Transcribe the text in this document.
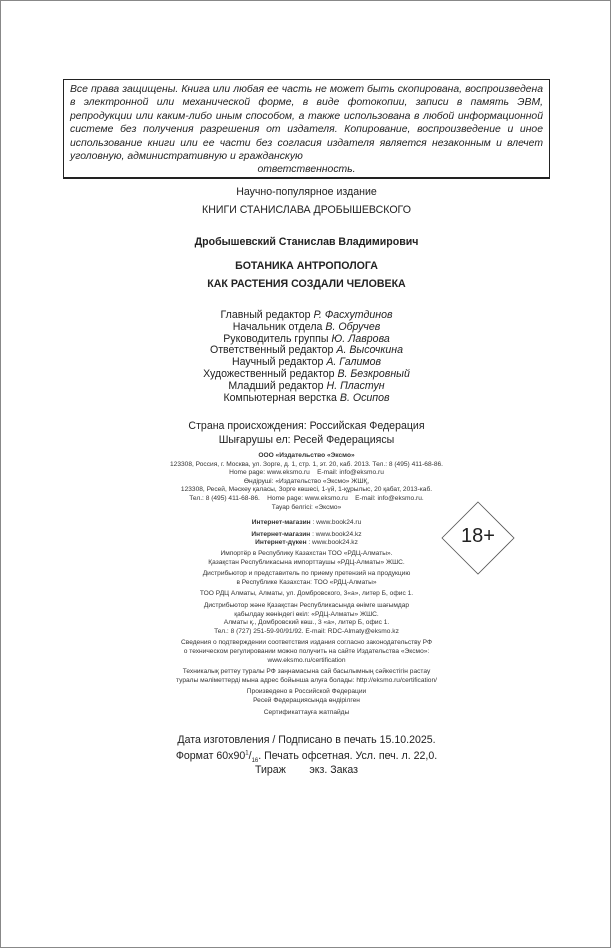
Все права защищены. Книга или любая ее часть не может быть скопирована, воспроизведена в электронной или механической форме, в виде фотокопии, записи в память ЭВМ, репродукции или каким-либо иным способом, а также использована в любой информационной системе без получения разрешения от издателя. Копирование, воспроизведение и иное использование книги или ее части без согласия издателя является незаконным и влечет уголовную, административную и гражданскую
ответственность.
Научно-популярное издание
КНИГИ СТАНИСЛАВА ДРОБЫШЕВСКОГО
Дробышевский Станислав Владимирович
БОТАНИКА АНТРОПОЛОГА
КАК РАСТЕНИЯ СОЗДАЛИ ЧЕЛОВЕКА
Главный редактор Р. Фасхутдинов
Начальник отдела В. Обручев
Руководитель группы Ю. Лаврова
Ответственный редактор А. Высочкина
Научный редактор А. Галимов
Художественный редактор В. Безкровный
Младший редактор Н. Пластун
Компьютерная верстка В. Осипов
Страна происхождения: Российская Федерация
Шығарушы ел: Ресей Федерациясы
ООО «Издательство «Эксмо»
123308, Россия, г. Москва, ул. Зорге, д. 1, стр. 1, эт. 20, каб. 2013. Тел.: 8 (495) 411-68-86.
Home page: www.eksmo.ru    E-mail: info@eksmo.ru
Өндіруші: «Издательство «Эксмо» ЖШҚ,
123308, Ресей, Мәскеу қаласы, Зорге көшесі, 1-үй, 1-құрылыс, 20 қабат, 2013-каб.
Тел.: 8 (495) 411-68-86.    Home page: www.eksmo.ru    E-mail: info@eksmo.ru.
Тауар белгісі: «Эксмо»
Интернет-магазин : www.book24.ru
Интернет-магазин : www.book24.kz
Интернет-дүкен : www.book24.kz
Импортёр в Республику Казахстан ТОО «РДЦ-Алматы».
Қазақстан Республикасына импорттаушы «РДЦ-Алматы» ЖШС.
Дистрибьютор и представитель по приему претензий на продукцию
в Республике Казахстан: ТОО «РДЦ-Алматы»
ТОО РДЦ Алматы, Алматы, ул. Домбровского, 3«а», литер Б, офис 1.
Дистрибьютор және Қазақстан Республикасында өнімге шағымдар
қабылдау жөніндегі өкіл: «РДЦ-Алматы» ЖШС.
Алматы қ., Домбровский көш., 3 «а», литер Б, офис 1.
Тел.: 8 (727) 251-59-90/91/92. E-mail: RDC-Almaty@eksmo.kz
Сведения о подтверждении соответствия издания согласно законодательству РФ
о техническом регулировании можно получить на сайте Издательства «Эксмо»:
www.eksmo.ru/certification
Техникалық реттеу туралы РФ заңнамасына сай басылымның сәйкестігін растау
туралы мәліметтерді мына адрес бойынша алуға болады: http://eksmo.ru/certification/
Произведено в Российской Федерации
Ресей Федерациясында өндірілген
Сертификаттауға жатпайды
18+
Дата изготовления / Подписано в печать 15.10.2025.
Формат $60x90^1/_{16}$. Печать офсетная. Усл. печ. л. 22,0.
Тираж        экз. Заказ
